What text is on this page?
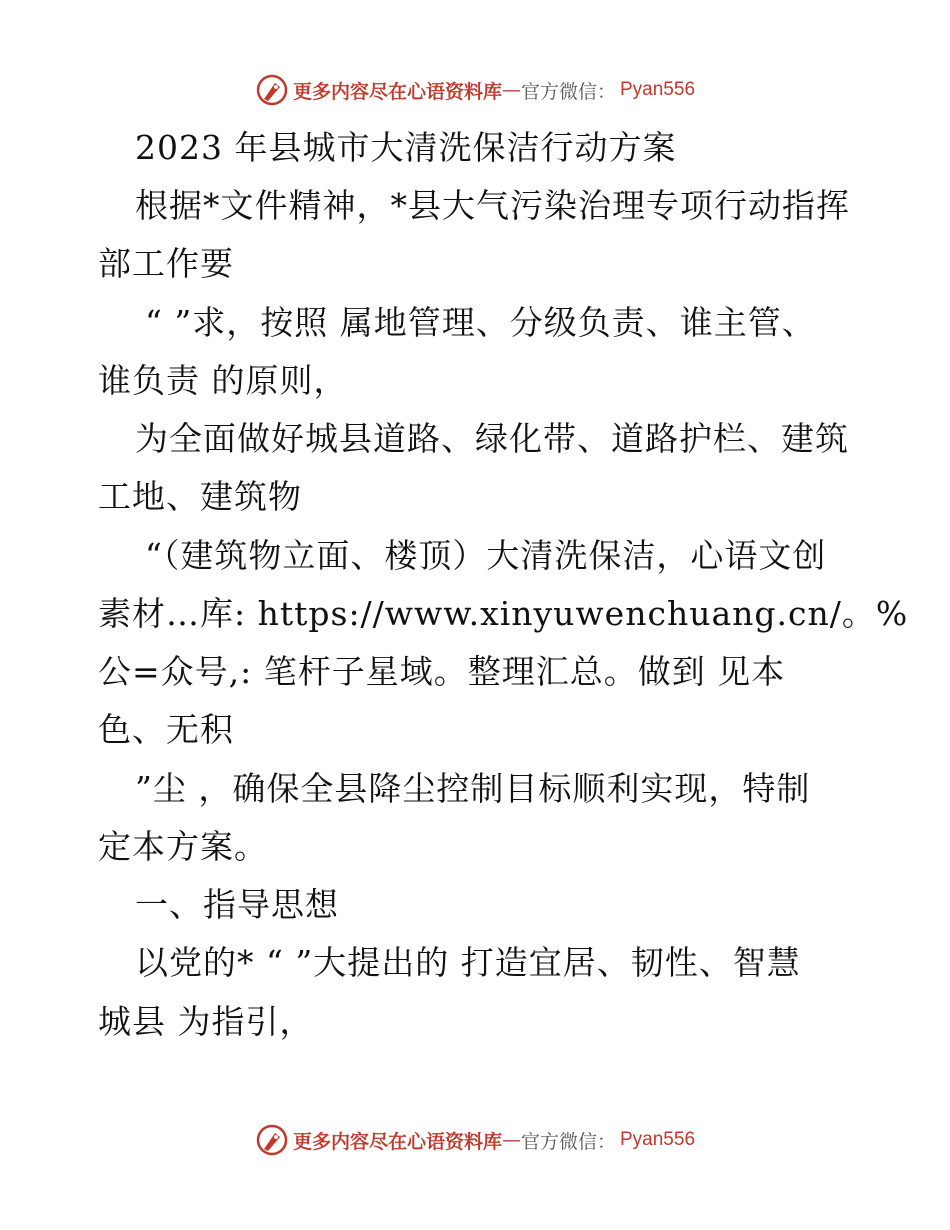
更多内容尽在心语资料库 — 官方微信： Pyan556
2023 年县城市大清洗保洁行动方案
根据*文件精神，*县大气污染治理专项行动指挥
部工作要
“ ”求，按照 属地管理、分级负责、谁主管、
谁负责 的原则，
为全面做好城县道路、绿化带、道路护栏、建筑
工地、建筑物
“（建筑物立面、楼顶）大清洗保洁，心语文创
素材…库: https://www.xinyuwenchuang.cn/。%
公=众号,: 笔杆子星域。整理汇总。做到 见本
色、无积
”尘 ，确保全县降尘控制目标顺利实现，特制
定本方案。
一、指导思想
以党的* “ ”大提出的 打造宜居、韧性、智慧
城县 为指引，
更多内容尽在心语资料库 — 官方微信： Pyan556
